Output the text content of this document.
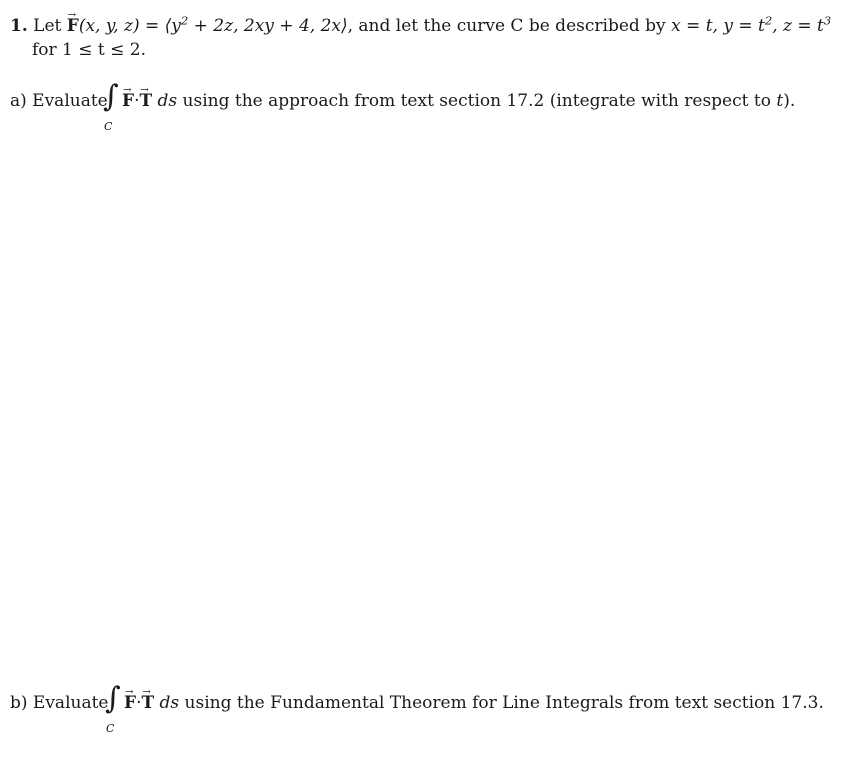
1. Let → F(x, y, $z) = ⟨y^2 + 2z$, 2xy + 4, 2x⟩, and let the curve C be described by x = t, $y = t^2$, $z = t^3$
for 1 ≤ t ≤ 2.
a) Evaluate
∫
C
→ F·→ T ds using the approach from text section 17.2 (integrate with respect to t).
b) Evaluate
∫
C
→ F·→ T ds using the Fundamental Theorem for Line Integrals from text section 17.3.
